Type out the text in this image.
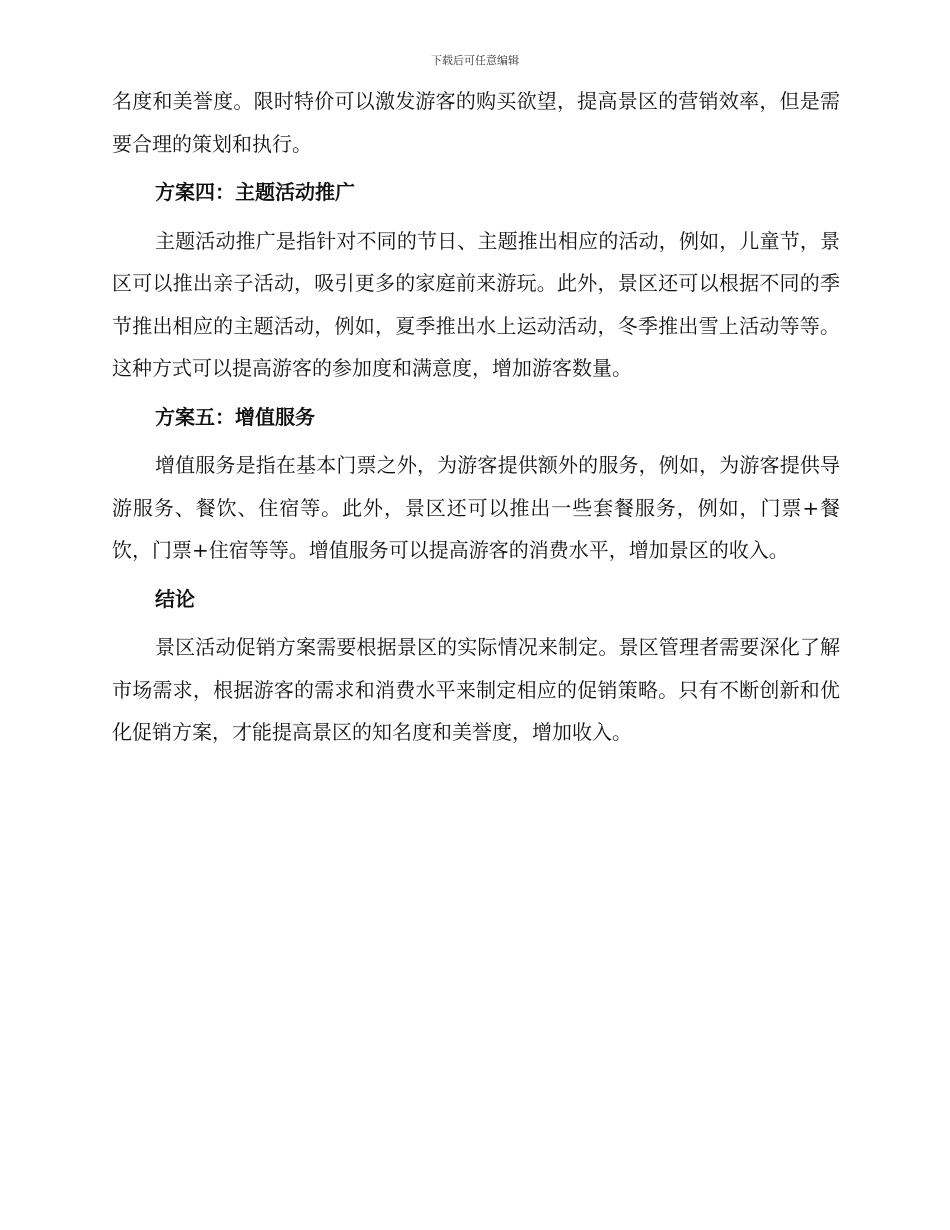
下载后可任意编辑

名度和美誉度。限时特价可以激发游客的购买欲望，提高景区的营销效率，但是需要合理的策划和执行。

方案四：主题活动推广

主题活动推广是指针对不同的节日、主题推出相应的活动，例如，儿童节，景区可以推出亲子活动，吸引更多的家庭前来游玩。此外，景区还可以根据不同的季节推出相应的主题活动，例如，夏季推出水上运动活动，冬季推出雪上活动等等。这种方式可以提高游客的参加度和满意度，增加游客数量。

方案五：增值服务

增值服务是指在基本门票之外，为游客提供额外的服务，例如，为游客提供导游服务、餐饮、住宿等。此外，景区还可以推出一些套餐服务，例如，门票+餐饮，门票+住宿等等。增值服务可以提高游客的消费水平，增加景区的收入。

结论

景区活动促销方案需要根据景区的实际情况来制定。景区管理者需要深化了解市场需求，根据游客的需求和消费水平来制定相应的促销策略。只有不断创新和优化促销方案，才能提高景区的知名度和美誉度，增加收入。
